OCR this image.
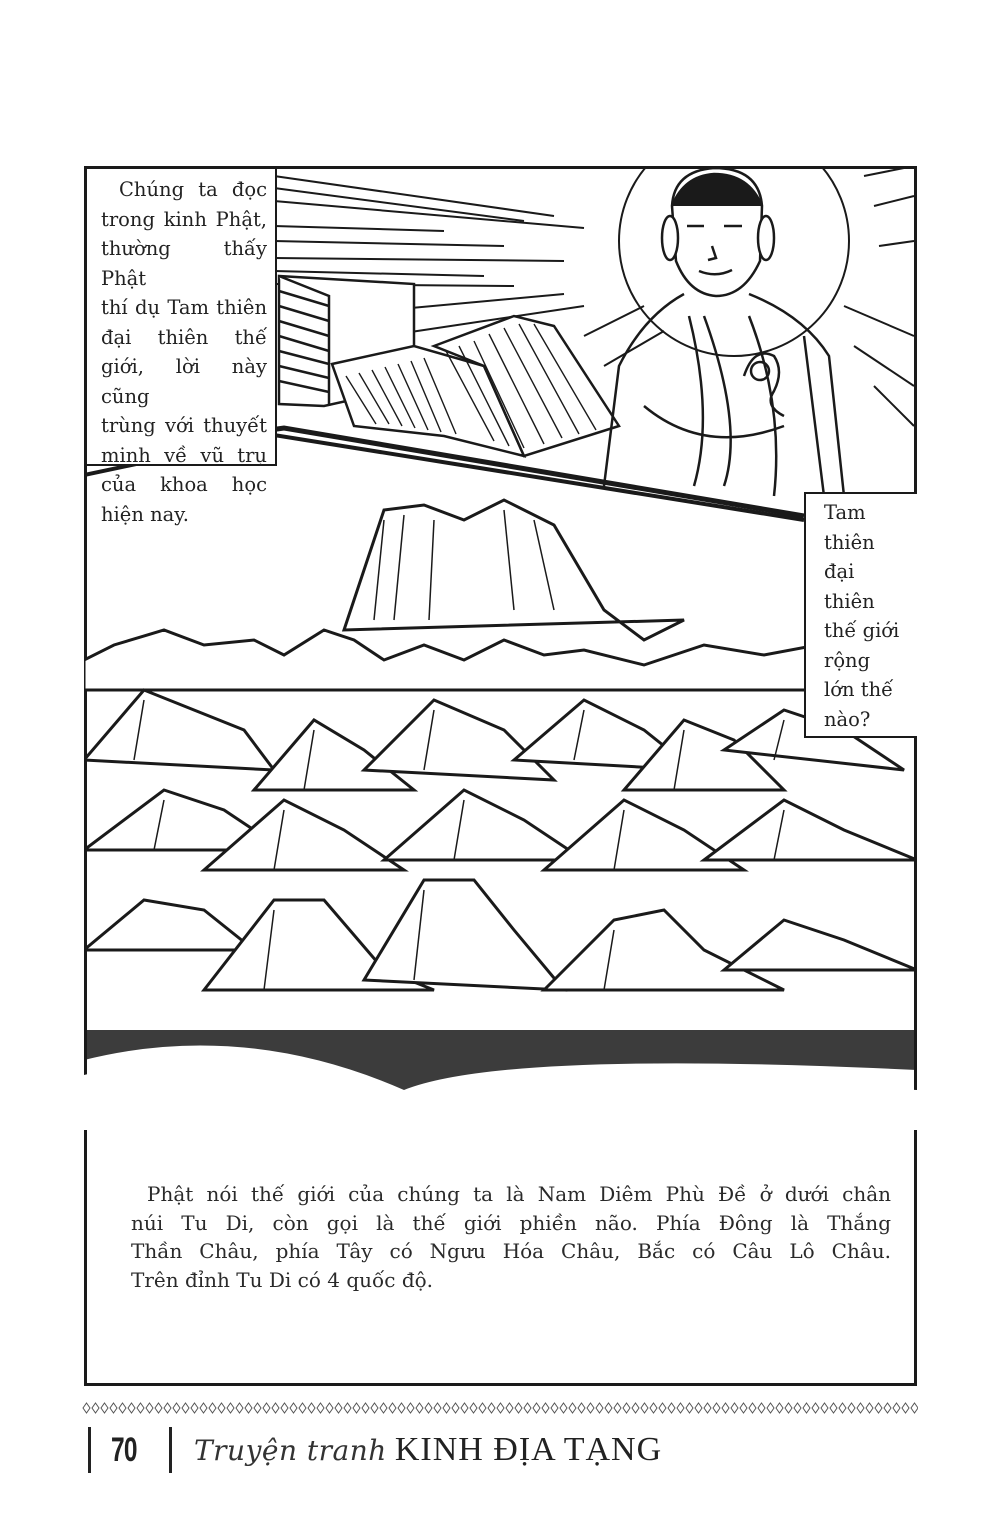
Chúng ta đọc
trong kinh Phật,
thường thấy Phật
thí dụ Tam thiên
đại thiên thế
giới, lời này cũng
trùng với thuyết
minh về vũ trụ
của khoa học
hiện nay.	Tam
thiên
đại
thiên
thế giới
rộng
lớn thế
nào?
Phật nói thế giới của chúng ta là Nam Diêm Phù Đề ở dưới chân
núi Tu Di, còn gọi là thế giới phiền não. Phía Đông là Thắng
Thần Châu, phía Tây có Ngưu Hóa Châu, Bắc có Câu Lô Châu.
Trên đỉnh Tu Di có 4 quốc độ.
70 Truyện tranh KINH ĐỊA TẠNG
